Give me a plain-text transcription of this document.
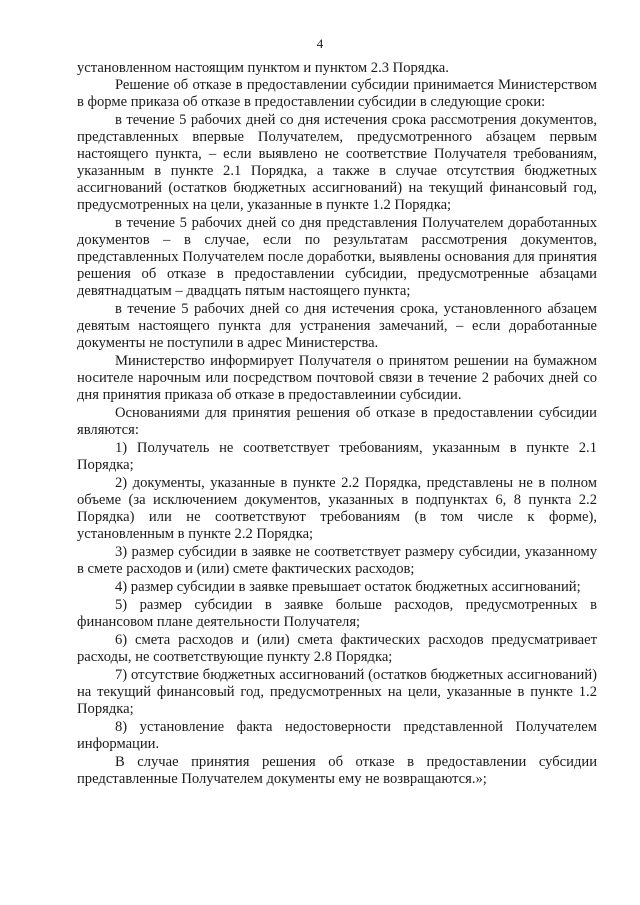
4

установленном настоящим пунктом и пунктом 2.3 Порядка.

Решение об отказе в предоставлении субсидии принимается Министерством в форме приказа об отказе в предоставлении субсидии в следующие сроки:

в течение 5 рабочих дней со дня истечения срока рассмотрения документов, представленных впервые Получателем, предусмотренного абзацем первым настоящего пункта, – если выявлено не соответствие Получателя требованиям, указанным в пункте 2.1 Порядка, а также в случае отсутствия бюджетных ассигнований (остатков бюджетных ассигнований) на текущий финансовый год, предусмотренных на цели, указанные в пункте 1.2 Порядка;

в течение 5 рабочих дней со дня представления Получателем доработанных документов – в случае, если по результатам рассмотрения документов, представленных Получателем после доработки, выявлены основания для принятия решения об отказе в предоставлении субсидии, предусмотренные абзацами девятнадцатым – двадцать пятым настоящего пункта;

в течение 5 рабочих дней со дня истечения срока, установленного абзацем девятым настоящего пункта для устранения замечаний, – если доработанные документы не поступили в адрес Министерства.

Министерство информирует Получателя о принятом решении на бумажном носителе нарочным или посредством почтовой связи в течение 2 рабочих дней со дня принятия приказа об отказе в предоставлеинии субсидии.

Основаниями для принятия решения об отказе в предоставлении субсидии являются:

1) Получатель не соответствует требованиям, указанным в пункте 2.1 Порядка;

2) документы, указанные в пункте 2.2 Порядка, представлены не в полном объеме (за исключением документов, указанных в подпунктах 6, 8 пункта 2.2 Порядка) или не соответствуют требованиям (в том числе к форме), установленным в пункте 2.2 Порядка;

3) размер субсидии в заявке не соответствует размеру субсидии, указанному в смете расходов и (или) смете фактических расходов;

4) размер субсидии в заявке превышает остаток бюджетных ассигнований;

5) размер субсидии в заявке больше расходов, предусмотренных в финансовом плане деятельности Получателя;

6) смета расходов и (или) смета фактических расходов предусматривает расходы, не соответствующие пункту 2.8 Порядка;

7) отсутствие бюджетных ассигнований (остатков бюджетных ассигнований) на текущий финансовый год, предусмотренных на цели, указанные в пункте 1.2 Порядка;

8) установление факта недостоверности представленной Получателем информации.

В случае принятия решения об отказе в предоставлении субсидии представленные Получателем документы ему не возвращаются.»;
